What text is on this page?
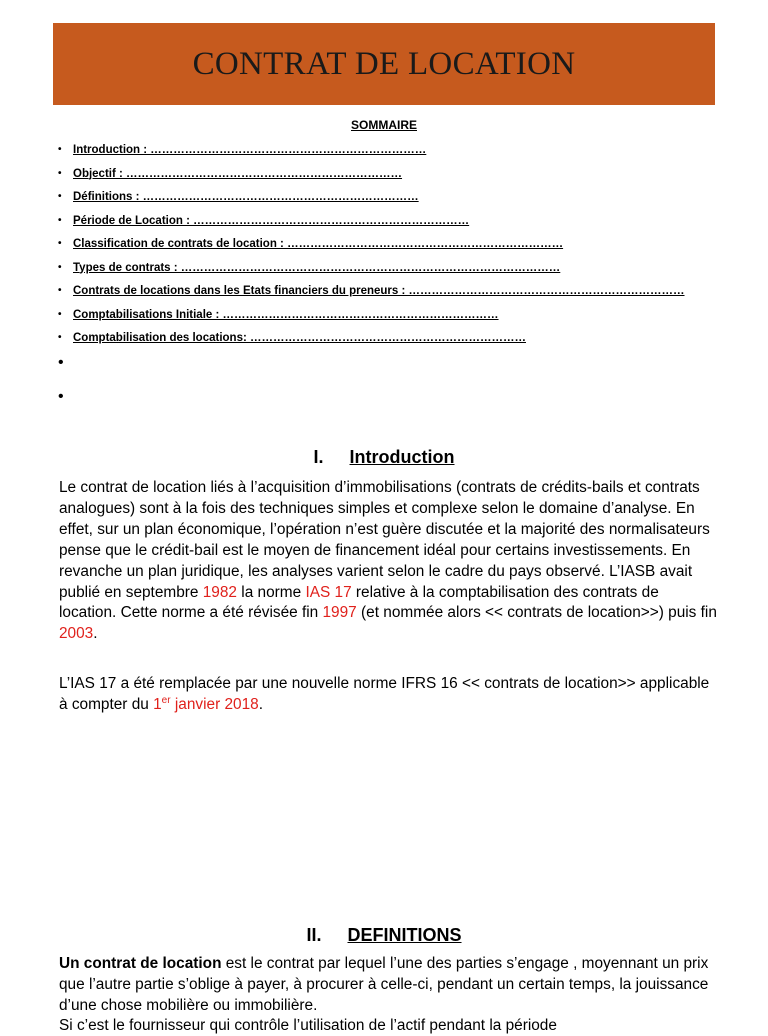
CONTRAT DE LOCATION
SOMMAIRE
• Introduction : ………………………………………………………………
• Objectif : ………………………………………………………………
• Définitions : ………………………………………………………………
• Période de Location : ………………………………………………………………
• Classification de contrats de location : ………………………………………………………………
• Types de contrats : ………………………………………………………………………………………
• Contrats de locations dans les Etats financiers du preneurs : ………………………………………………………………
• Comptabilisations Initiale : ………………………………………………………………
• Comptabilisation des locations: ………………………………………………………………
•
•
I. Introduction

Le contrat de location liés à l’acquisition d’immobilisations (contrats de crédits-bails et contrats analogues) sont à la fois des techniques simples et complexe selon le domaine d’analyse. En effet, sur un plan économique, l’opération n’est guère discutée et la majorité des normalisateurs pense que le crédit-bail est le moyen de financement idéal pour certains investissements. En revanche un plan juridique, les analyses varient selon le cadre du pays observé. L’IASB avait publié en septembre 1982 la norme IAS 17 relative à la comptabilisation des contrats de location. Cette norme a été révisée fin 1997 (et nommée alors << contrats de location>>) puis fin 2003.

L’IAS 17 a été remplacée par une nouvelle norme IFRS 16 << contrats de location>> applicable à compter du 1er janvier 2018.

II. DEFINITIONS

Un contrat de location est le contrat par lequel l’une des parties s’engage , moyennant un prix que l’autre partie s’oblige à payer, à procurer à celle-ci, pendant un certain temps, la jouissance d’une chose mobilière ou immobilière.

Si c’est le fournisseur qui contrôle l’utilisation de l’actif pendant la période
